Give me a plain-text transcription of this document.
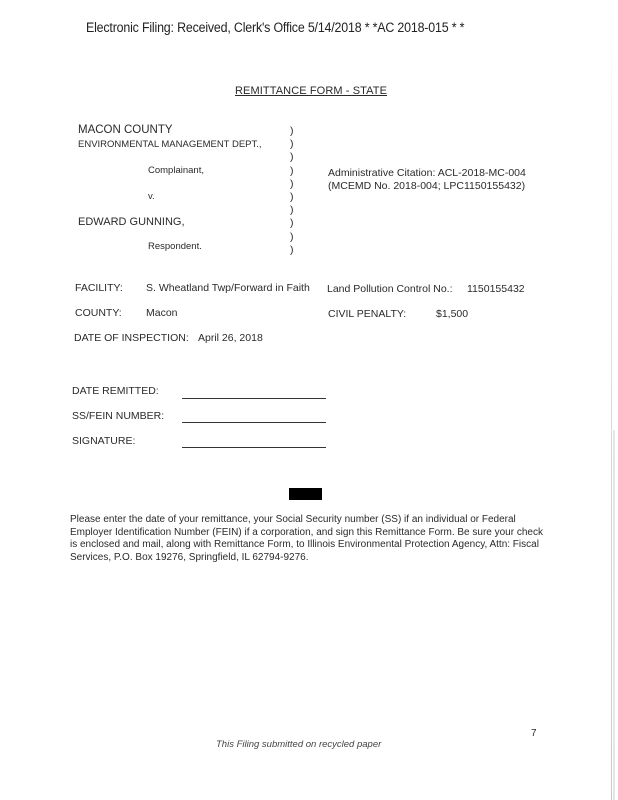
Electronic Filing: Received, Clerk's Office 5/14/2018 * *AC 2018-015 * *
REMITTANCE FORM - STATE
MACON COUNTY
ENVIRONMENTAL MANAGEMENT DEPT.,
Complainant,
v.
EDWARD GUNNING,
Respondent.
)
)
)
)
)
)
)
)
)
)
Administrative Citation: ACL-2018-MC-004
(MCEMD No. 2018-004; LPC1150155432)
FACILITY: S. Wheatland Twp/Forward in Faith Land Pollution Control No.: 1150155432
COUNTY: Macon	CIVIL PENALTY:	$1,500
DATE OF INSPECTION: April 26, 2018
DATE REMITTED:
SS/FEIN NUMBER:
SIGNATURE:
Please enter the date of your remittance, your Social Security number (SS) if an individual or Federal Employer Identification Number (FEIN) if a corporation, and sign this Remittance Form. Be sure your check is enclosed and mail, along with Remittance Form, to Illinois Environmental Protection Agency, Attn: Fiscal Services, P.O. Box 19276, Springfield, IL 62794-9276.
7
This Filing submitted on recycled paper
